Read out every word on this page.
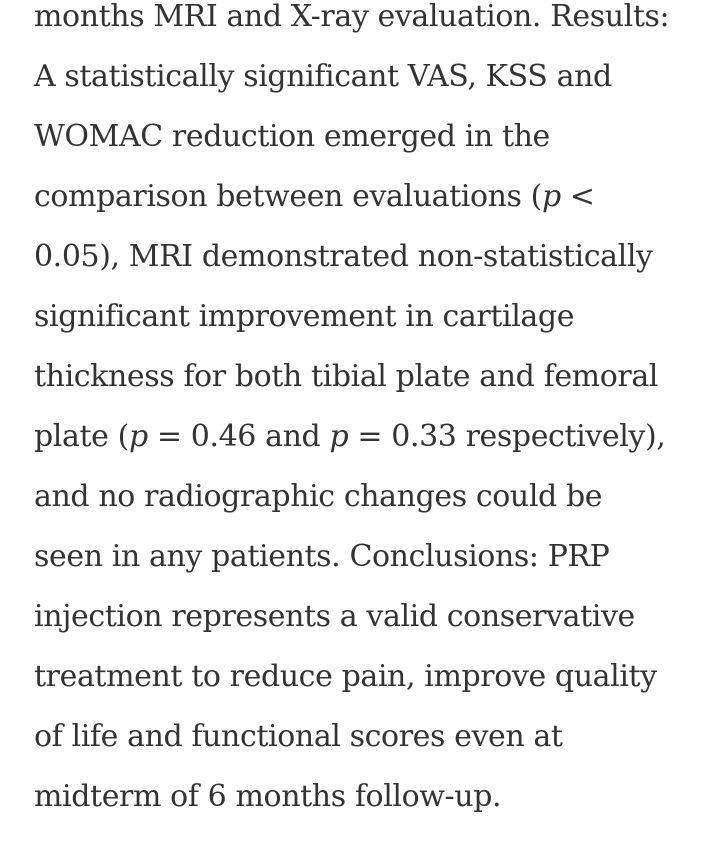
months MRI and X-ray evaluation. Results:
A statistically significant VAS, KSS and
WOMAC reduction emerged in the
comparison between evaluations (p <
0.05), MRI demonstrated non-statistically
significant improvement in cartilage
thickness for both tibial plate and femoral
plate (p = 0.46 and p = 0.33 respectively),
and no radiographic changes could be
seen in any patients. Conclusions: PRP
injection represents a valid conservative
treatment to reduce pain, improve quality
of life and functional scores even at
midterm of 6 months follow-up.
